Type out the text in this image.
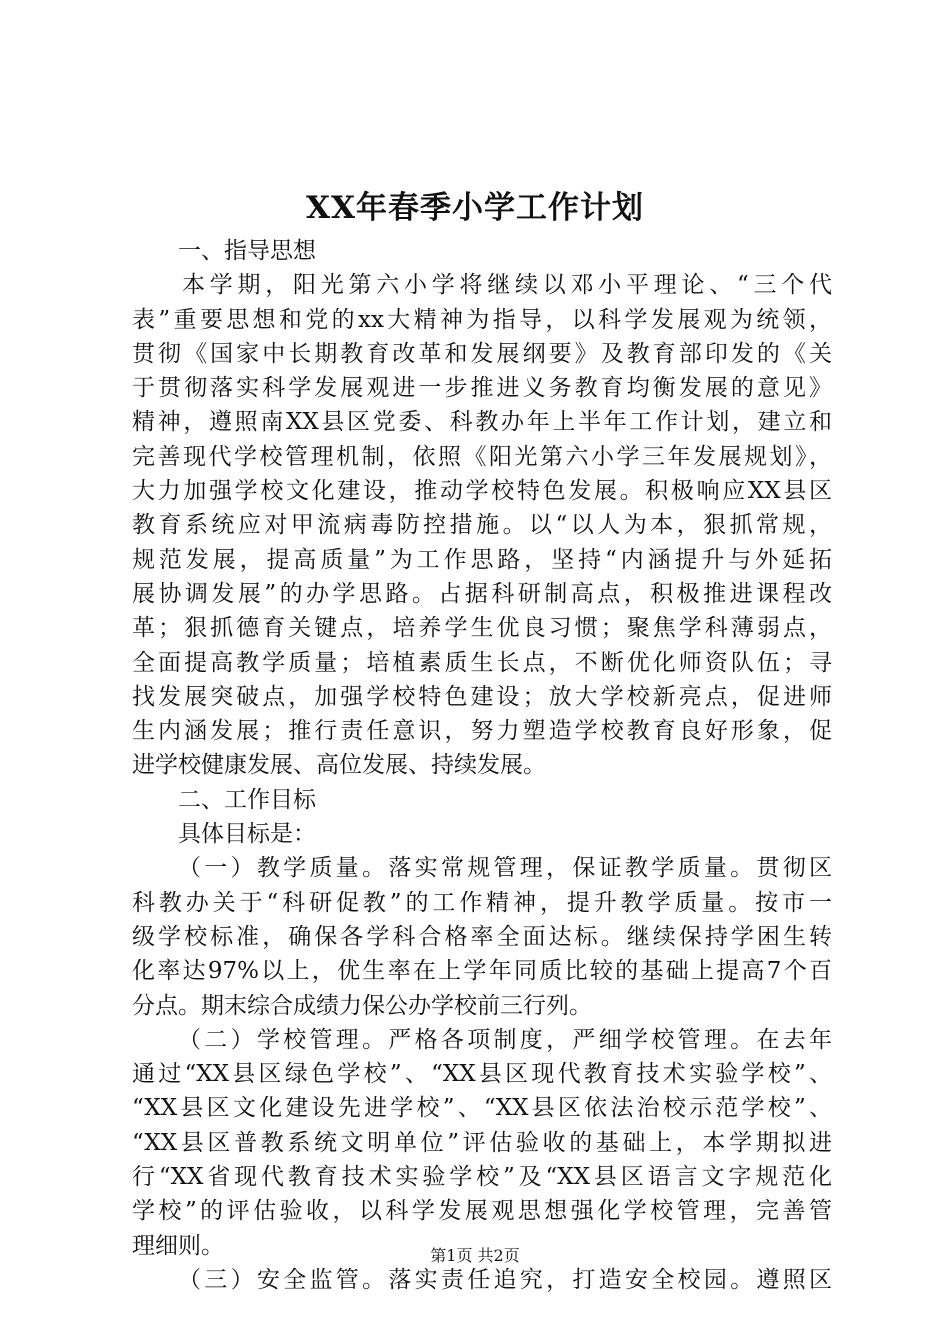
XX年春季小学工作计划
一、指导思想
本学期，阳光第六小学将继续以邓小平理论、“三个代
表”重要思想和党的xx大精神为指导，以科学发展观为统领，
贯彻《国家中长期教育改革和发展纲要》及教育部印发的《关
于贯彻落实科学发展观进一步推进义务教育均衡发展的意见》
精神，遵照南XX县区党委、科教办年上半年工作计划，建立和
完善现代学校管理机制，依照《阳光第六小学三年发展规划》，
大力加强学校文化建设，推动学校特色发展。积极响应XX县区
教育系统应对甲流病毒防控措施。以“以人为本，狠抓常规，
规范发展，提高质量”为工作思路，坚持“内涵提升与外延拓
展协调发展”的办学思路。占据科研制高点，积极推进课程改
革；狠抓德育关键点，培养学生优良习惯；聚焦学科薄弱点，
全面提高教学质量；培植素质生长点，不断优化师资队伍；寻
找发展突破点，加强学校特色建设；放大学校新亮点，促进师
生内涵发展；推行责任意识，努力塑造学校教育良好形象，促
进学校健康发展、高位发展、持续发展。
二、工作目标
具体目标是：
（一）教学质量。落实常规管理，保证教学质量。贯彻区
科教办关于“科研促教”的工作精神，提升教学质量。按市一
级学校标准，确保各学科合格率全面达标。继续保持学困生转
化率达97%以上，优生率在上学年同质比较的基础上提高7个百
分点。期末综合成绩力保公办学校前三行列。
（二）学校管理。严格各项制度，严细学校管理。在去年
通过“XX县区绿色学校”、“XX县区现代教育技术实验学校”、
“XX县区文化建设先进学校”、“XX县区依法治校示范学校”、
“XX县区普教系统文明单位”评估验收的基础上，本学期拟进
行“XX省现代教育技术实验学校”及“XX县区语言文字规范化
学校”的评估验收，以科学发展观思想强化学校管理，完善管
理细则。
（三）安全监管。落实责任追究，打造安全校园。遵照区
第1页 共2页
